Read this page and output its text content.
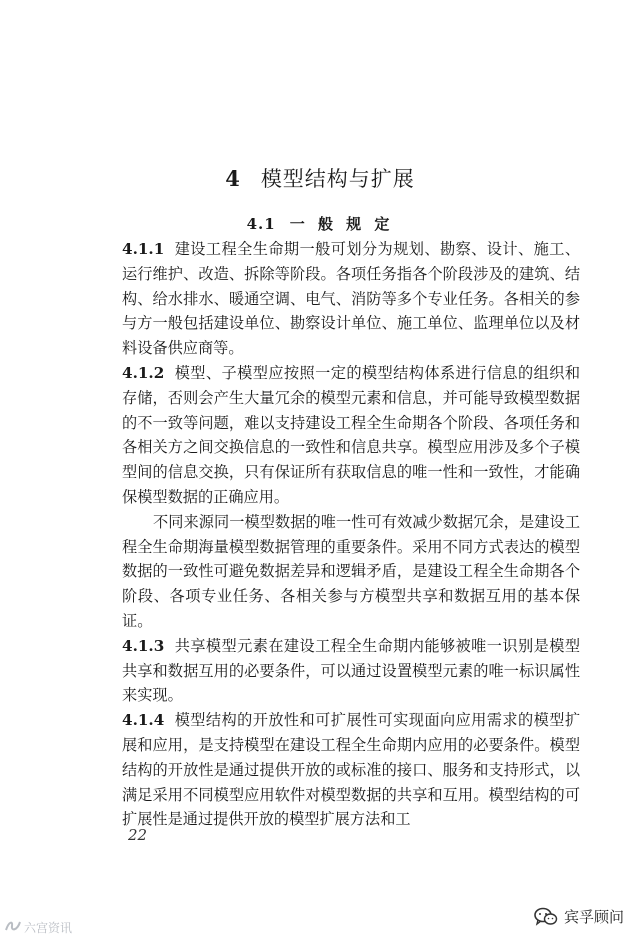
4 模型结构与扩展
4.1 一 般 规 定

4.1.1 建设工程全生命期一般可划分为规划、勘察、设计、施工、运行维护、改造、拆除等阶段。各项任务指各个阶段涉及的建筑、结构、给水排水、暖通空调、电气、消防等多个专业任务。各相关的参与方一般包括建设单位、勘察设计单位、施工单位、监理单位以及材料设备供应商等。

4.1.2 模型、子模型应按照一定的模型结构体系进行信息的组织和存储，否则会产生大量冗余的模型元素和信息，并可能导致模型数据的不一致等问题，难以支持建设工程全生命期各个阶段、各项任务和各相关方之间交换信息的一致性和信息共享。模型应用涉及多个子模型间的信息交换，只有保证所有获取信息的唯一性和一致性，才能确保模型数据的正确应用。

不同来源同一模型数据的唯一性可有效减少数据冗余，是建设工程全生命期海量模型数据管理的重要条件。采用不同方式表达的模型数据的一致性可避免数据差异和逻辑矛盾，是建设工程全生命期各个阶段、各项专业任务、各相关参与方模型共享和数据互用的基本保证。

4.1.3 共享模型元素在建设工程全生命期内能够被唯一识别是模型共享和数据互用的必要条件，可以通过设置模型元素的唯一标识属性来实现。

4.1.4 模型结构的开放性和可扩展性可实现面向应用需求的模型扩展和应用，是支持模型在建设工程全生命期内应用的必要条件。模型结构的开放性是通过提供开放的或标准的接口、服务和支持形式，以满足采用不同模型应用软件对模型数据的共享和互用。模型结构的可扩展性是通过提供开放的模型扩展方法和工

22
六宫资讯
宾孚顾问
